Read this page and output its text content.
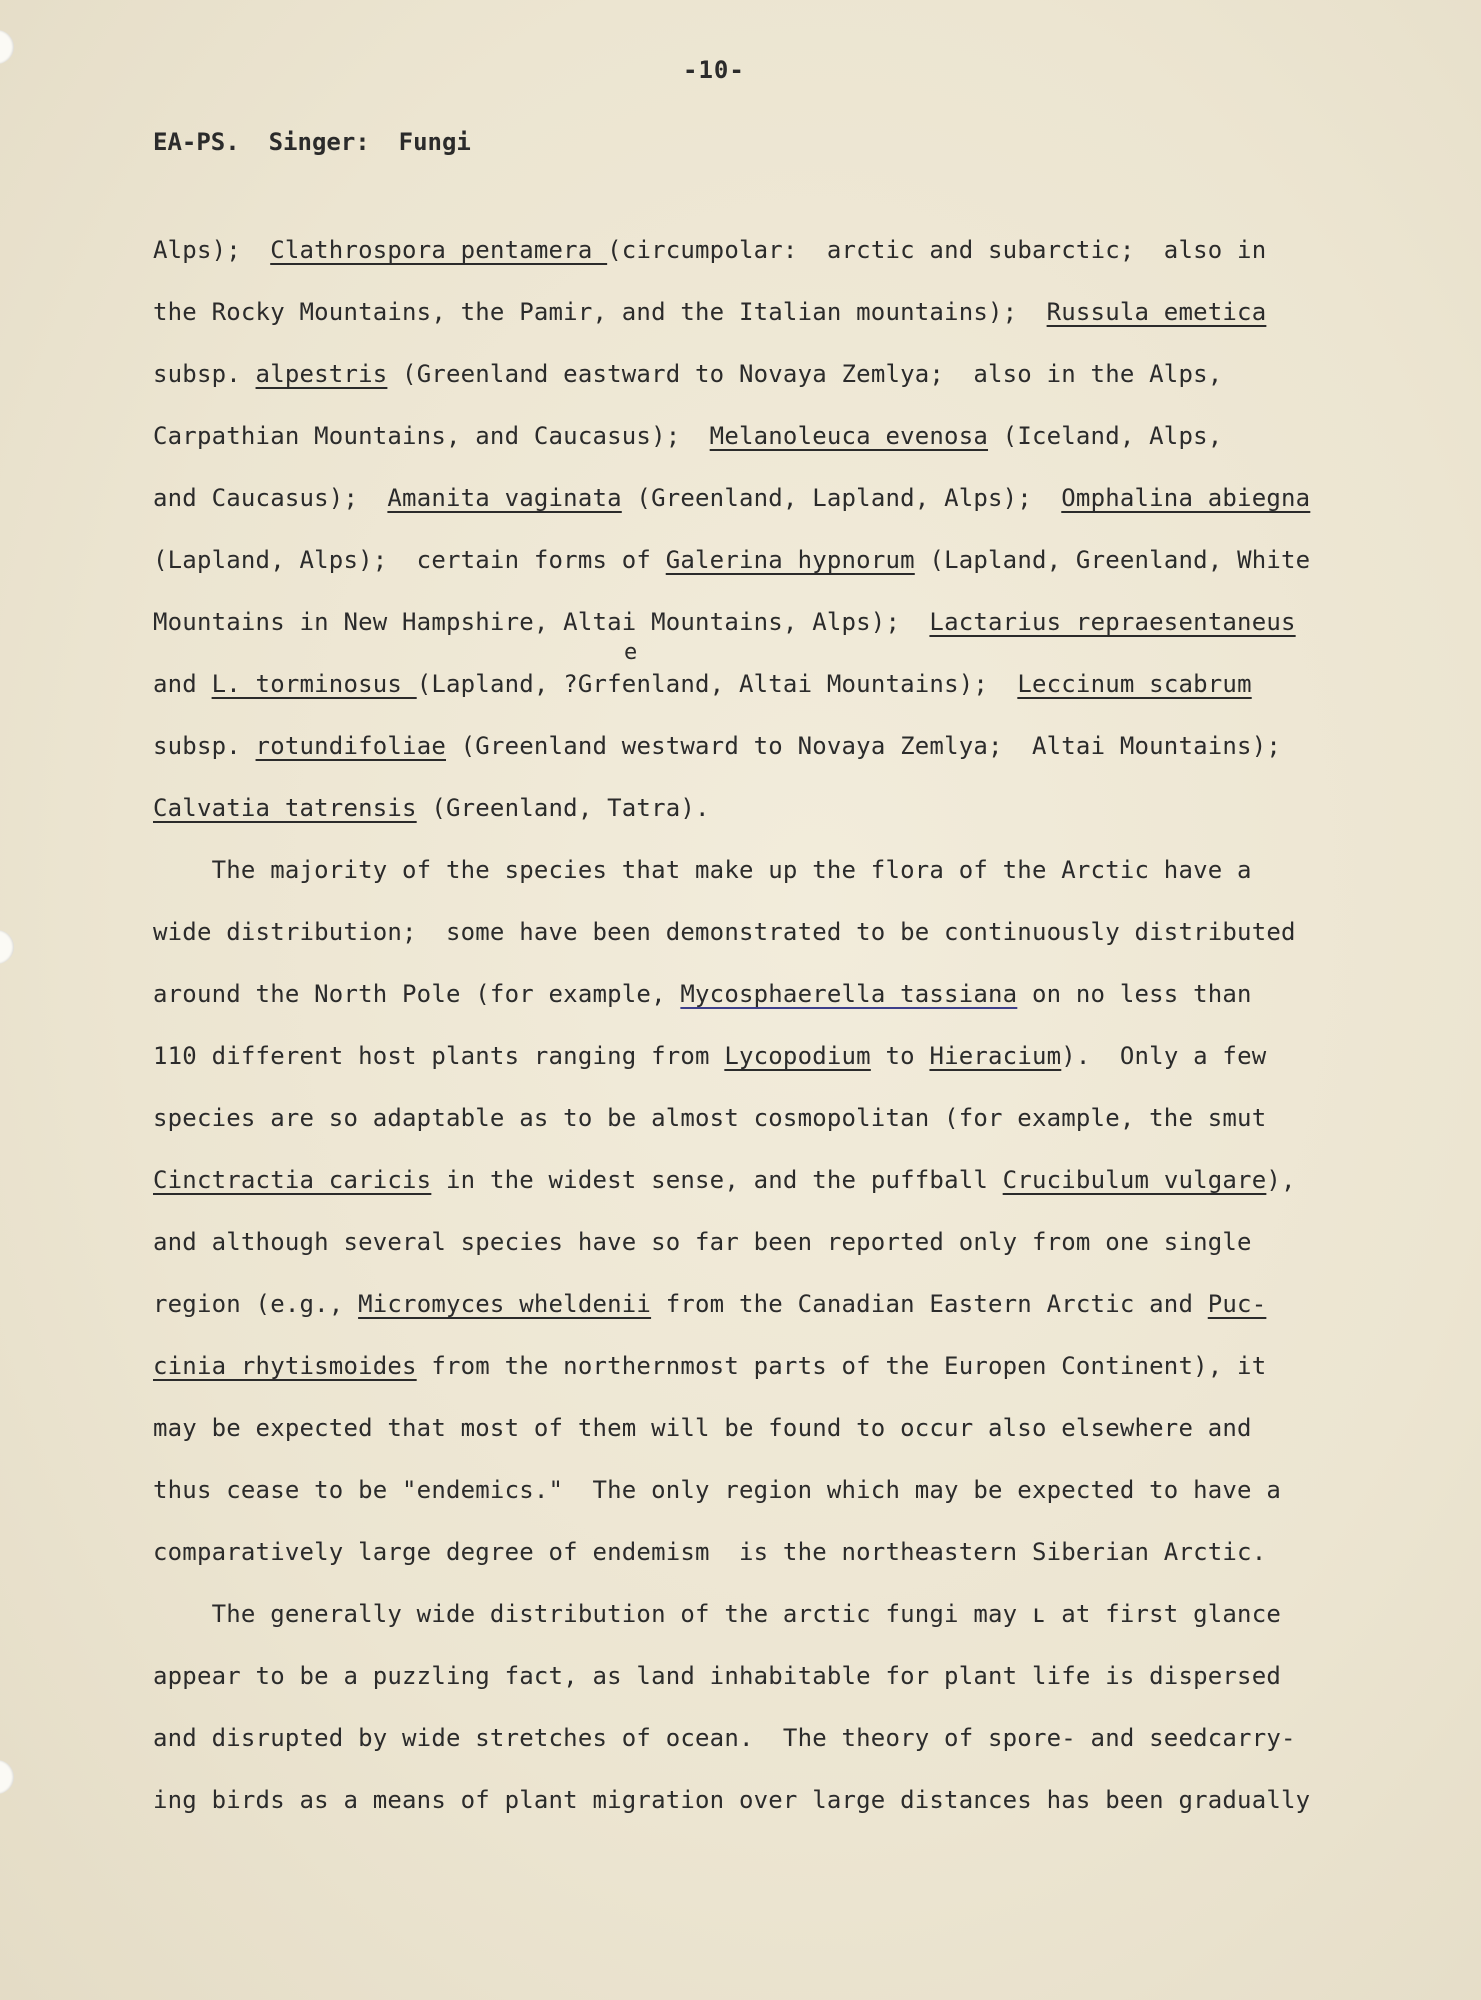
-10-
EA-PS.  Singer:  Fungi
Alps);  Clathrospora pentamera (circumpolar:  arctic and subarctic;  also in
the Rocky Mountains, the Pamir, and the Italian mountains);  Russula emetica
subsp. alpestris (Greenland eastward to Novaya Zemlya;  also in the Alps,
Carpathian Mountains, and Caucasus);  Melanoleuca evenosa (Iceland, Alps,
and Caucasus);  Amanita vaginata (Greenland, Lapland, Alps);  Omphalina abiegna
(Lapland, Alps);  certain forms of Galerina hypnorum (Lapland, Greenland, White
Mountains in New Hampshire, Altai Mountains, Alps);  Lactarius repraesentaneus
e
and L. torminosus (Lapland, ?Grfenland, Altai Mountains);  Leccinum scabrum
subsp. rotundifoliae (Greenland westward to Novaya Zemlya;  Altai Mountains);
Calvatia tatrensis (Greenland, Tatra).
The majority of the species that make up the flora of the Arctic have a
wide distribution;  some have been demonstrated to be continuously distributed
around the North Pole (for example, Mycosphaerella tassiana on no less than
110 different host plants ranging from Lycopodium to Hieracium).  Only a few
species are so adaptable as to be almost cosmopolitan (for example, the smut
Cinctractia caricis in the widest sense, and the puffball Crucibulum vulgare),
and although several species have so far been reported only from one single
region (e.g., Micromyces wheldenii from the Canadian Eastern Arctic and Puc-
cinia rhytismoides from the northernmost parts of the Europen Continent), it
may be expected that most of them will be found to occur also elsewhere and
thus cease to be "endemics."  The only region which may be expected to have a
comparatively large degree of endemism  is the northeastern Siberian Arctic.
The generally wide distribution of the arctic fungi may ʟ at first glance
appear to be a puzzling fact, as land inhabitable for plant life is dispersed
and disrupted by wide stretches of ocean.  The theory of spore- and seedcarry-
ing birds as a means of plant migration over large distances has been gradually
